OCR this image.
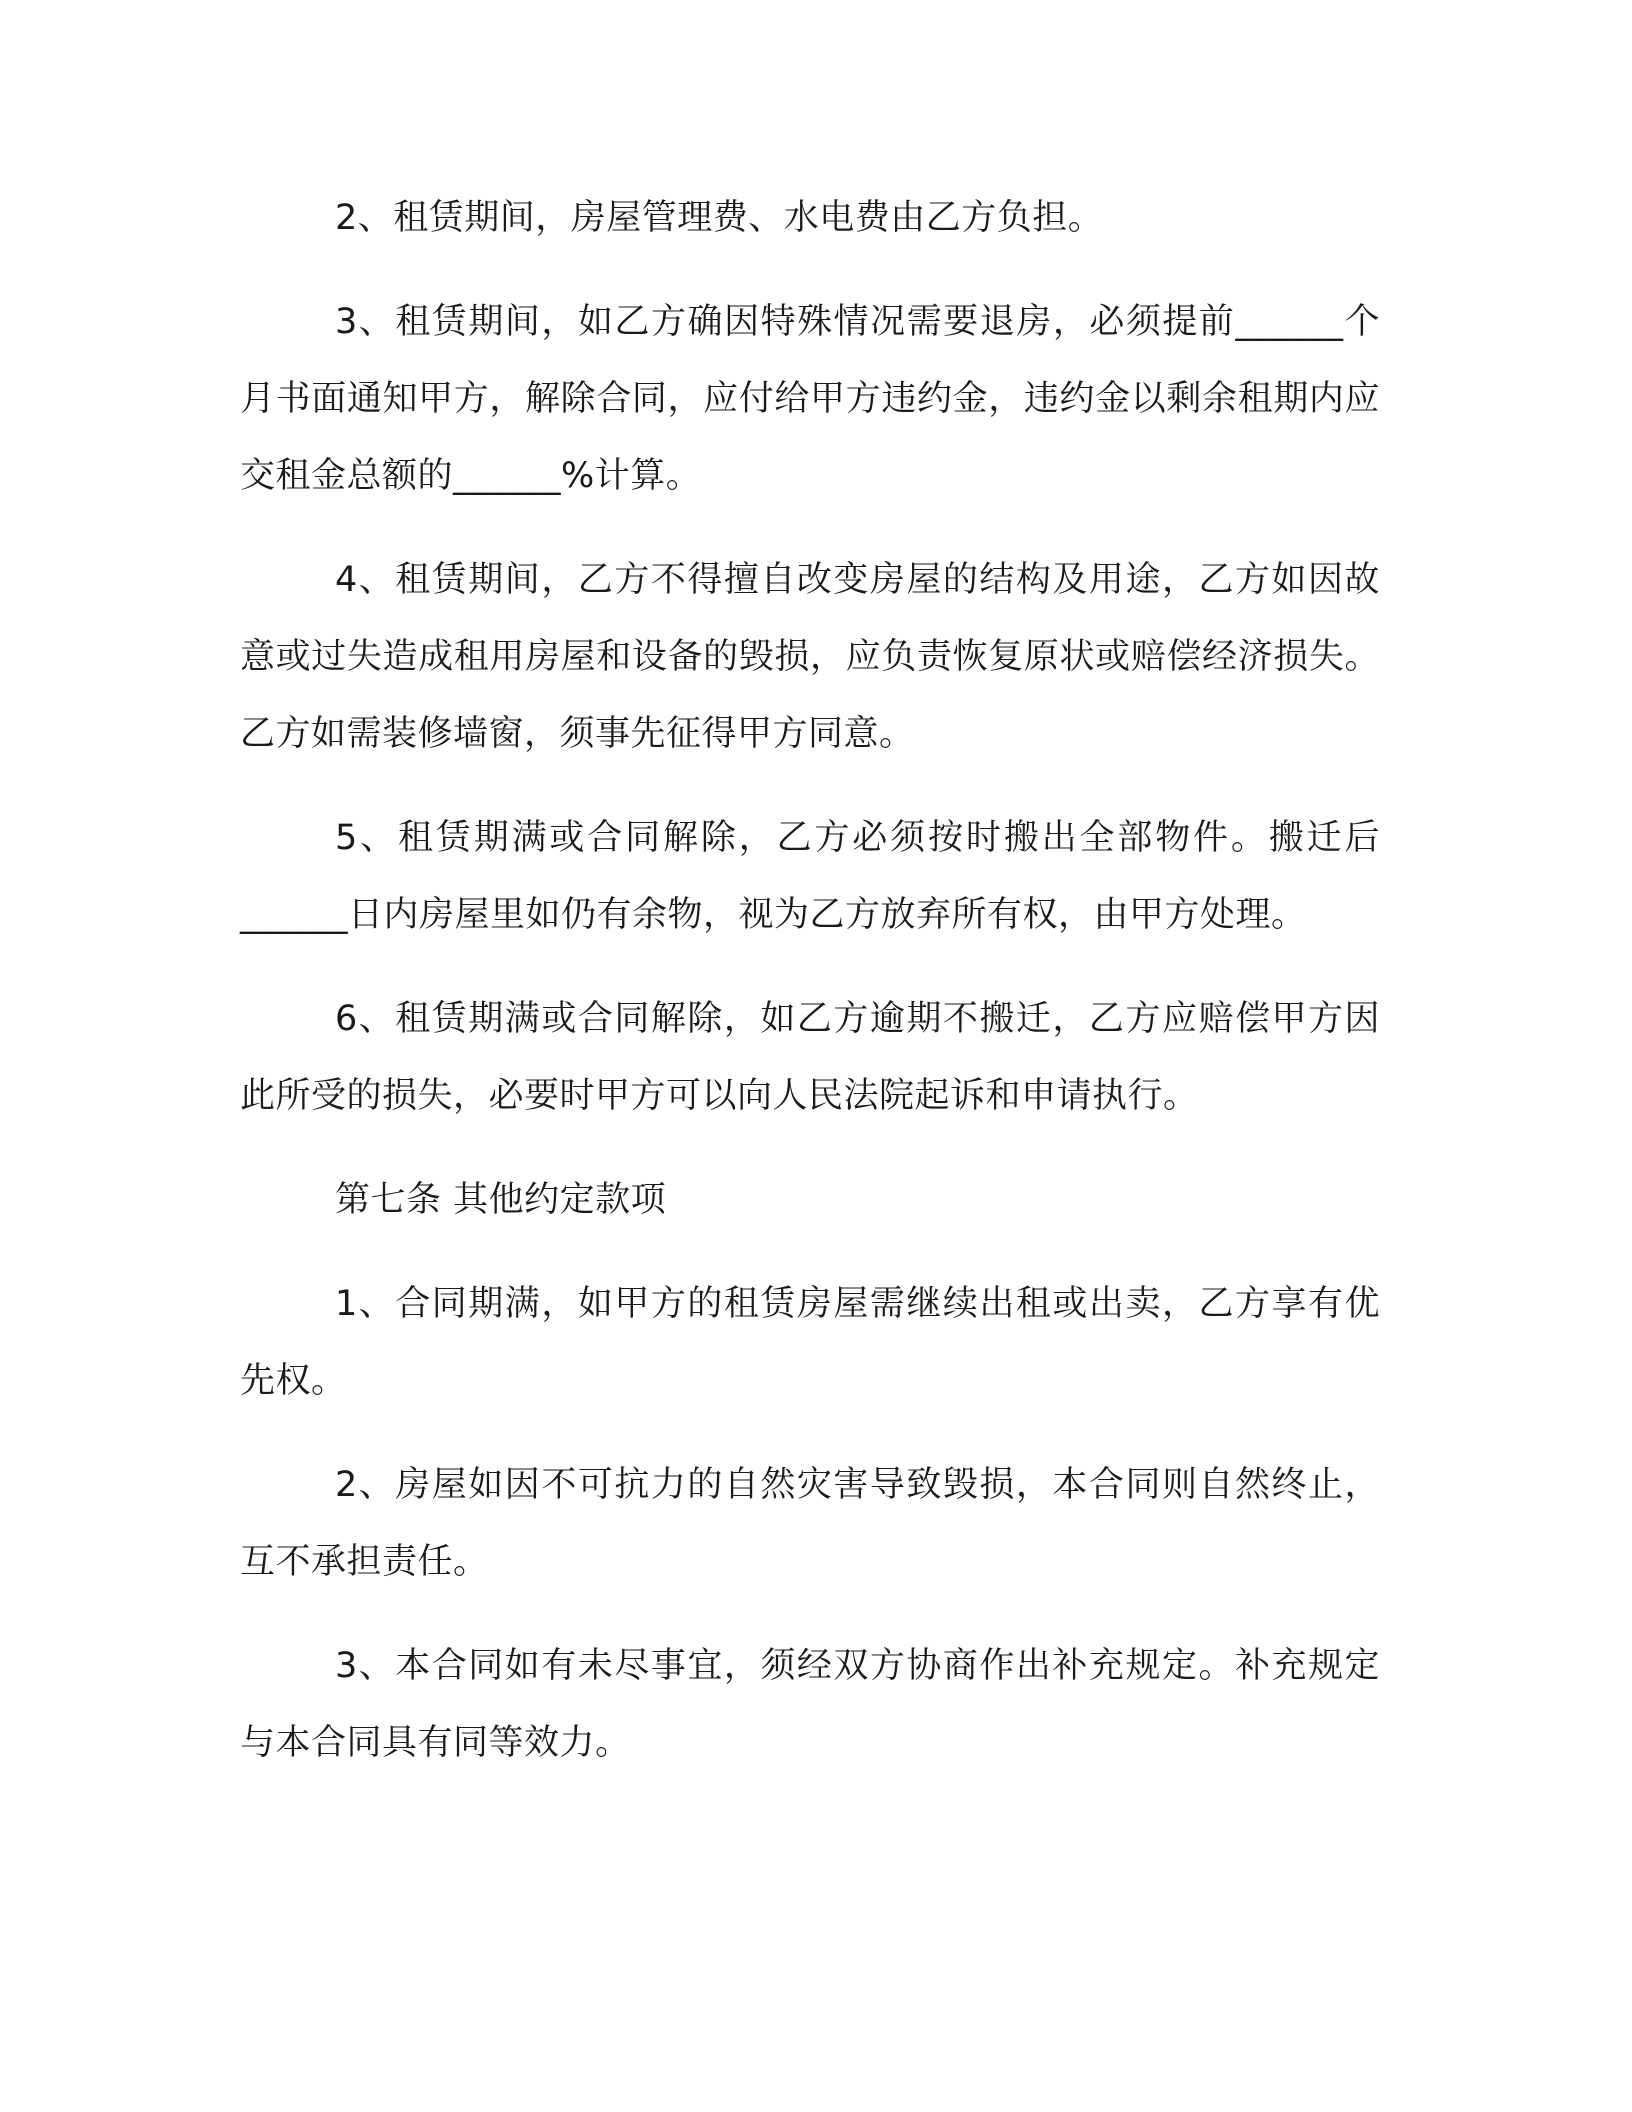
2、租赁期间，房屋管理费、水电费由乙方负担。

3、租赁期间，如乙方确因特殊情况需要退房，必须提前______个月书面通知甲方，解除合同，应付给甲方违约金，违约金以剩余租期内应交租金总额的______%计算。

4、租赁期间，乙方不得擅自改变房屋的结构及用途，乙方如因故意或过失造成租用房屋和设备的毁损，应负责恢复原状或赔偿经济损失。乙方如需装修墙窗，须事先征得甲方同意。

5、租赁期满或合同解除，乙方必须按时搬出全部物件。搬迁后______日内房屋里如仍有余物，视为乙方放弃所有权，由甲方处理。

6、租赁期满或合同解除，如乙方逾期不搬迁，乙方应赔偿甲方因此所受的损失，必要时甲方可以向人民法院起诉和申请执行。

第七条 其他约定款项

1、合同期满，如甲方的租赁房屋需继续出租或出卖，乙方享有优先权。

2、房屋如因不可抗力的自然灾害导致毁损，本合同则自然终止，互不承担责任。

3、本合同如有未尽事宜，须经双方协商作出补充规定。补充规定与本合同具有同等效力。
